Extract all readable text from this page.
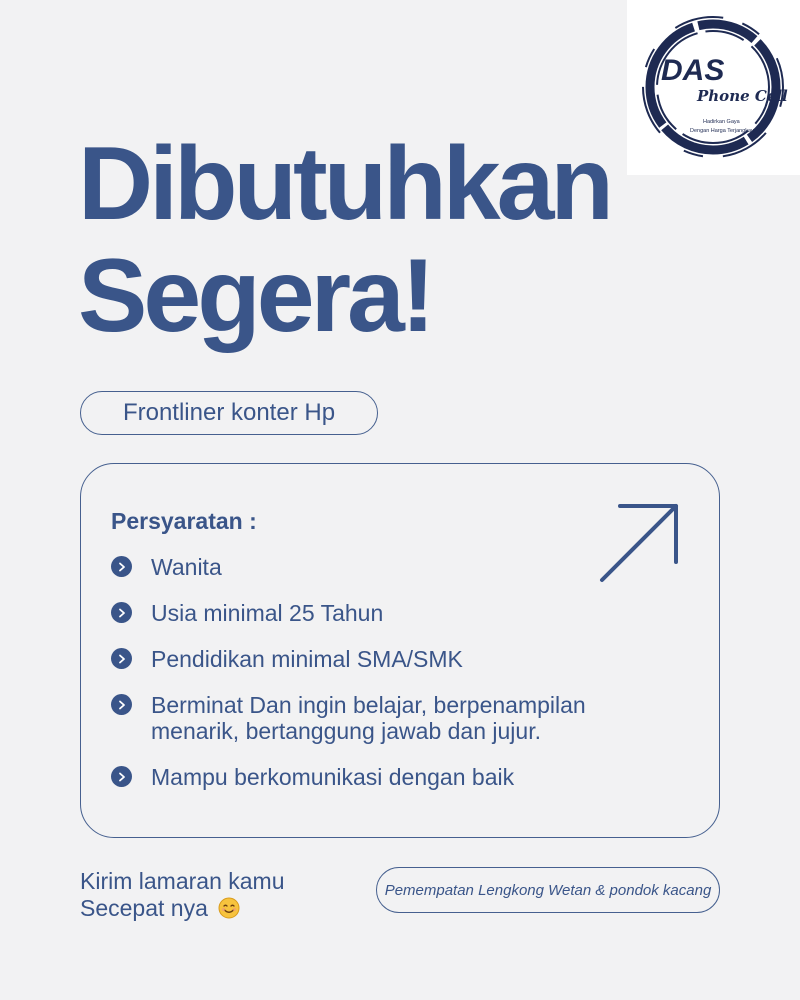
DAS
Phone Cell
Hadirkan Gaya
Dengan Harga Terjangkau
Dibutuhkan
Segera!
Frontliner konter Hp
Persyaratan :
Wanita
Usia minimal 25 Tahun
Pendidikan minimal SMA/SMK
Berminat Dan ingin belajar, berpenampilan
menarik, bertanggung jawab dan jujur.
Mampu berkomunikasi dengan baik
Kirim lamaran kamu
Secepat nya
Pemempatan Lengkong Wetan & pondok kacang
